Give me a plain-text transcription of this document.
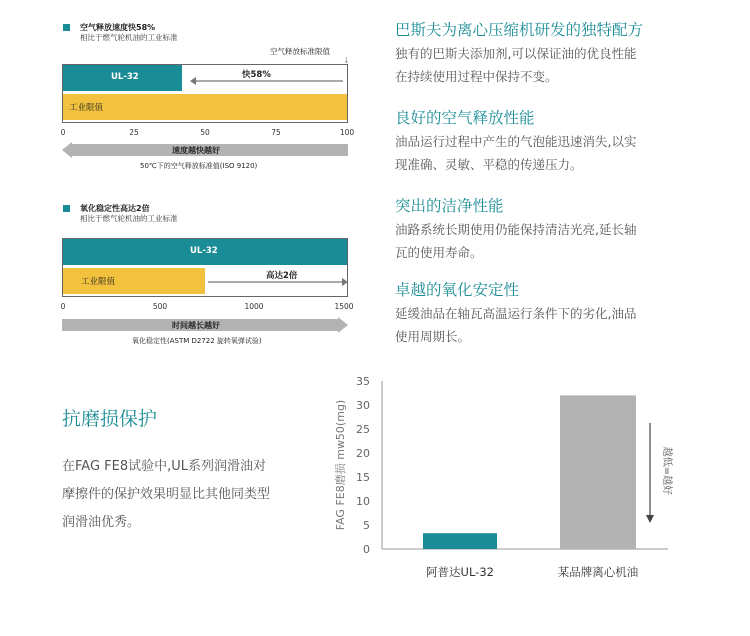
空气释放速度快58%
相比于燃气轮机油的工业标准
空气释放标准限值
↓
UL-32
工业限值
快58%
0	25	50	75	100
速度越快越好
50℃下的空气释放标准值(ISO 9120)
氧化稳定性高达2倍
相比于燃气轮机油的工业标准
UL-32
工业限值
高达2倍
0	500	1000	1500
时间越长越好
氧化稳定性(ASTM D2722 旋转氧弹试验)
巴斯夫为离心压缩机研发的独特配方
独有的巴斯夫添加剂,可以保证油的优良性能
在持续使用过程中保持不变。
良好的空气释放性能
油品运行过程中产生的气泡能迅速消失,以实
现准确、灵敏、平稳的传递压力。
突出的洁净性能
油路系统长期使用仍能保持清洁光亮,延长轴
瓦的使用寿命。
卓越的氧化安定性
延缓油品在轴瓦高温运行条件下的劣化,油品
使用周期长。
抗磨损保护
在FAG FE8试验中,UL系列润滑油对
摩擦件的保护效果明显比其他同类型
润滑油优秀。
0
5
10
15
20
25
30
35
阿普达UL-32	某品牌离心机油
FAG FE8磨损 mw50(mg)	越低=越好
